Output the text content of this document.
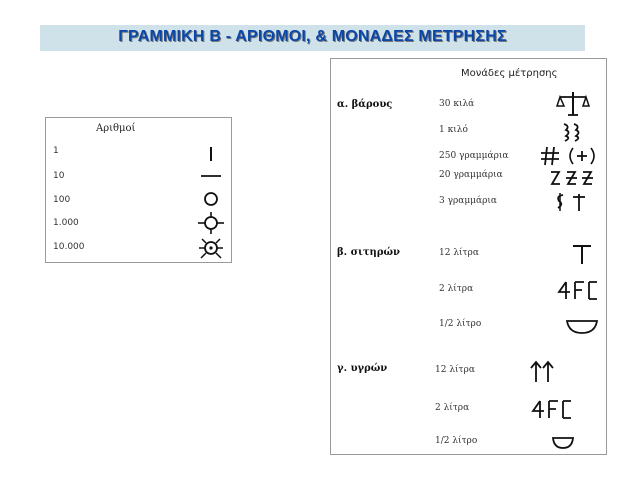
ΓΡΑΜΜΙΚΗ Β - ΑΡΙΘΜΟΙ, & ΜΟΝΑΔΕΣ ΜΕΤΡΗΣΗΣ
Αριθμοί
1
10
100
1.000
10.000
Μονάδες μέτρησης
α. βάρους	30 κιλά
1 κιλό
250 γραμμάρια
20 γραμμάρια
3 γραμμάρια
β. σιτηρών	12 λίτρα
2 λίτρα
1/2 λίτρο
γ. υγρών	12 λίτρα
2 λίτρα
1/2 λίτρο
